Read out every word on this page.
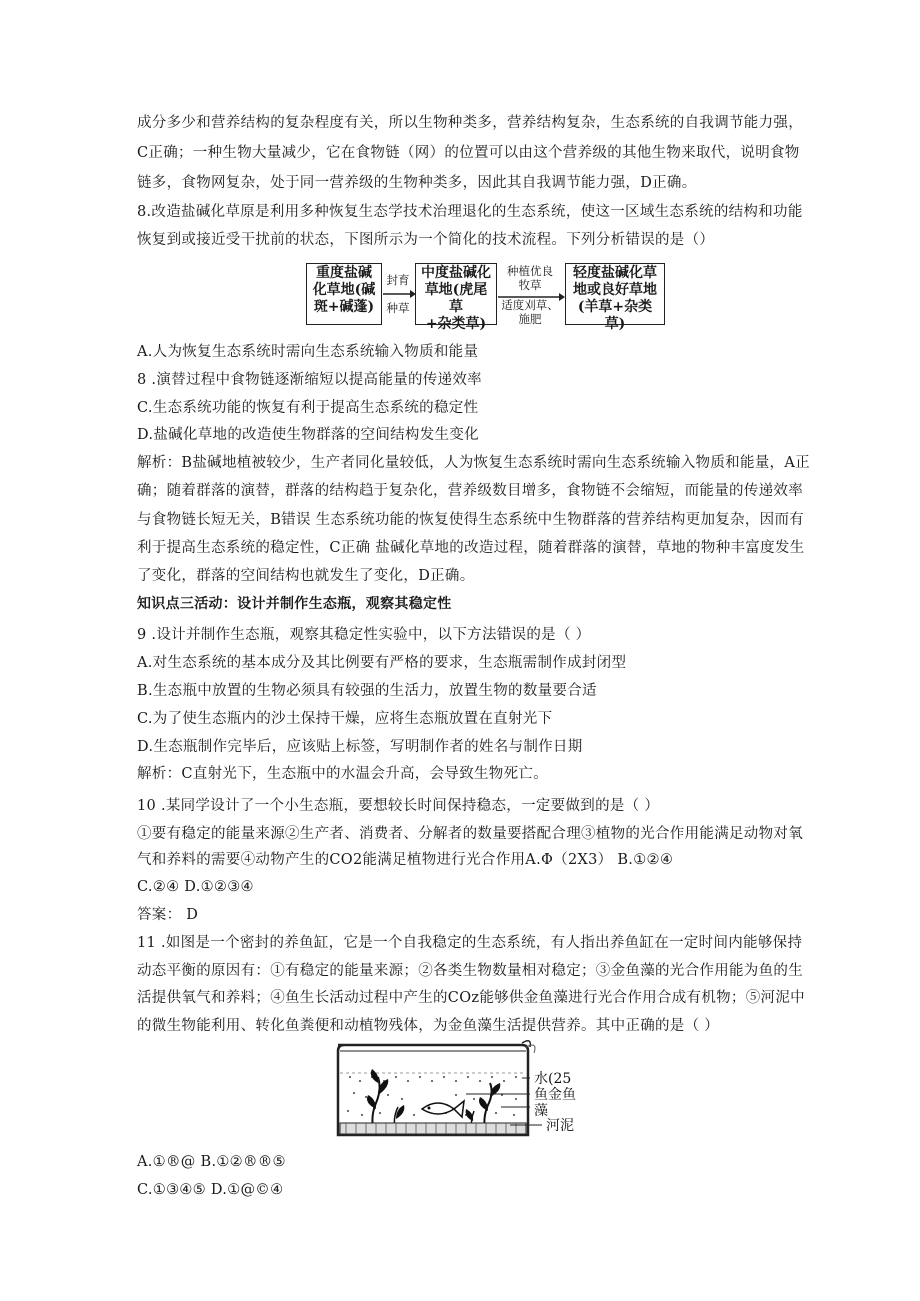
成分多少和营养结构的复杂程度有关，所以生物种类多，营养结构复杂，生态系统的自我调节能力强，
C正确；一种生物大量减少，它在食物链（网）的位置可以由这个营养级的其他生物来取代，说明食物
链多，食物网复杂，处于同一营养级的生物种类多，因此其自我调节能力强，D正确。
8.改造盐碱化草原是利用多种恢复生态学技术治理退化的生态系统，使这一区域生态系统的结构和功能
恢复到或接近受干扰前的状态，下图所示为一个简化的技术流程。下列分析错误的是（）
重度盐碱
化草地(碱
斑+碱蓬)
封育
种草
中度盐碱化
草地(虎尾草
+杂类草)
种植优良
牧草
适度刈草、
施肥
轻度盐碱化草
地或良好草地
(羊草+杂类草)
A.人为恢复生态系统时需向生态系统输入物质和能量
8 .演替过程中食物链逐渐缩短以提高能量的传递效率
C.生态系统功能的恢复有利于提高生态系统的稳定性
D.盐碱化草地的改造使生物群落的空间结构发生变化
解析：B盐碱地植被较少，生产者同化量较低，人为恢复生态系统时需向生态系统输入物质和能量，A正
确；随着群落的演替，群落的结构趋于复杂化，营养级数目增多，食物链不会缩短，而能量的传递效率
与食物链长短无关，B错误 生态系统功能的恢复使得生态系统中生物群落的营养结构更加复杂，因而有
利于提高生态系统的稳定性，C正确 盐碱化草地的改造过程，随着群落的演替，草地的物种丰富度发生
了变化，群落的空间结构也就发生了变化，D正确。
知识点三活动：设计并制作生态瓶，观察其稳定性
9 .设计并制作生态瓶，观察其稳定性实验中，以下方法错误的是（ ）
A.对生态系统的基本成分及其比例要有严格的要求，生态瓶需制作成封闭型
B.生态瓶中放置的生物必须具有较强的生活力，放置生物的数量要合适
C.为了使生态瓶内的沙土保持干燥，应将生态瓶放置在直射光下
D.生态瓶制作完毕后，应该贴上标签，写明制作者的姓名与制作日期
解析：C直射光下，生态瓶中的水温会升高，会导致生物死亡。
10 .某同学设计了一个小生态瓶，要想较长时间保持稳态，一定要做到的是（ ）
①要有稳定的能量来源②生产者、消费者、分解者的数量要搭配合理③植物的光合作用能满足动物对氧
气和养料的需要④动物产生的CO2能满足植物进行光合作用A.Φ（2X3） B.①②④
C.②④ D.①②③④
答案： D
11 .如图是一个密封的养鱼缸，它是一个自我稳定的生态系统，有人指出养鱼缸在一定时间内能够保持
动态平衡的原因有：①有稳定的能量来源；②各类生物数量相对稳定；③金鱼藻的光合作用能为鱼的生
活提供氧气和养料；④鱼生长活动过程中产生的COz能够供金鱼藻进行光合作用合成有机物；⑤河泥中
的微生物能利用、转化鱼粪便和动植物残体，为金鱼藻生活提供营养。其中正确的是（ ）
水(25
鱼金鱼
藻
河泥
A.①®@ B.①②®®⑤
C.①③④⑤ D.①@©④
